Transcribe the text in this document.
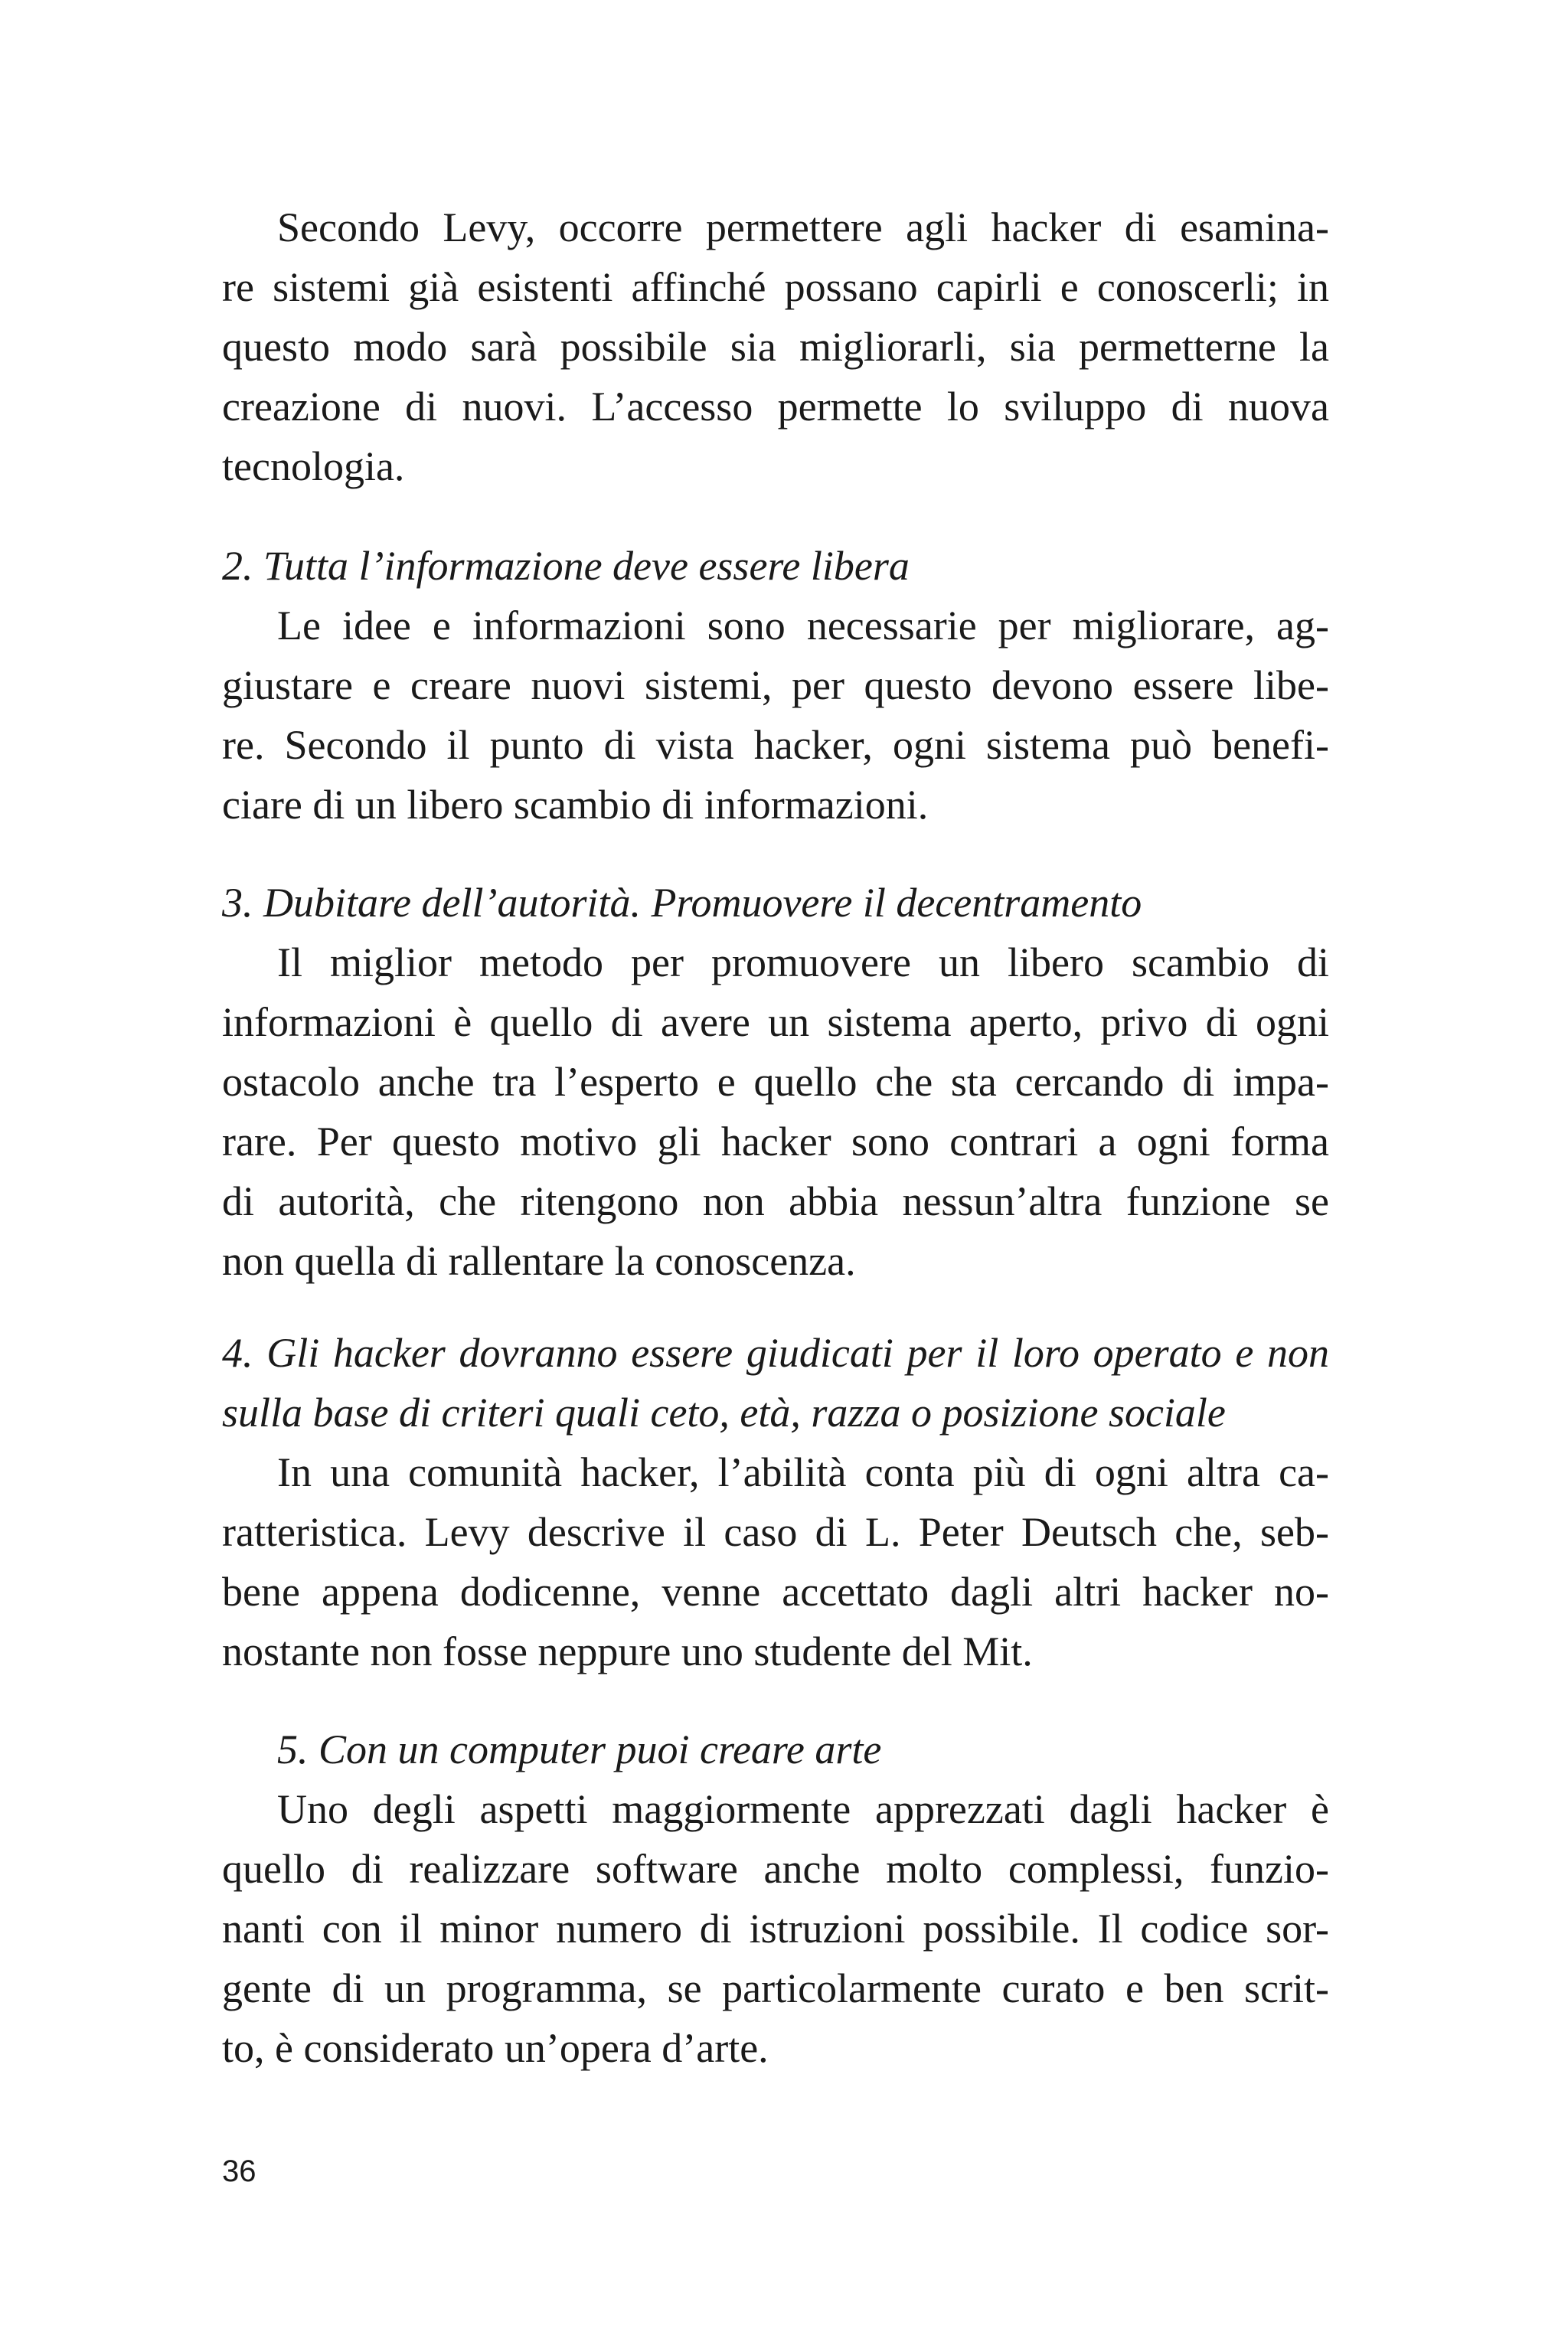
Secondo Levy, occorre permettere agli hacker di esamina-
re sistemi già esistenti affinché possano capirli e conoscerli; in
questo modo sarà possibile sia migliorarli, sia permetterne la
creazione di nuovi. L’accesso permette lo sviluppo di nuova
tecnologia.
2. Tutta l’informazione deve essere libera
Le idee e informazioni sono necessarie per migliorare, ag-
giustare e creare nuovi sistemi, per questo devono essere libe-
re. Secondo il punto di vista hacker, ogni sistema può benefi-
ciare di un libero scambio di informazioni.
3. Dubitare dell’autorità. Promuovere il decentramento
Il miglior metodo per promuovere un libero scambio di
informazioni è quello di avere un sistema aperto, privo di ogni
ostacolo anche tra l’esperto e quello che sta cercando di impa-
rare. Per questo motivo gli hacker sono contrari a ogni forma
di autorità, che ritengono non abbia nessun’altra funzione se
non quella di rallentare la conoscenza.
4. Gli hacker dovranno essere giudicati per il loro operato e non
sulla base di criteri quali ceto, età, razza o posizione sociale
In una comunità hacker, l’abilità conta più di ogni altra ca-
ratteristica. Levy descrive il caso di L. Peter Deutsch che, seb-
bene appena dodicenne, venne accettato dagli altri hacker no-
nostante non fosse neppure uno studente del Mit.
5. Con un computer puoi creare arte
Uno degli aspetti maggiormente apprezzati dagli hacker è
quello di realizzare software anche molto complessi, funzio-
nanti con il minor numero di istruzioni possibile. Il codice sor-
gente di un programma, se particolarmente curato e ben scrit-
to, è considerato un’opera d’arte.
36
